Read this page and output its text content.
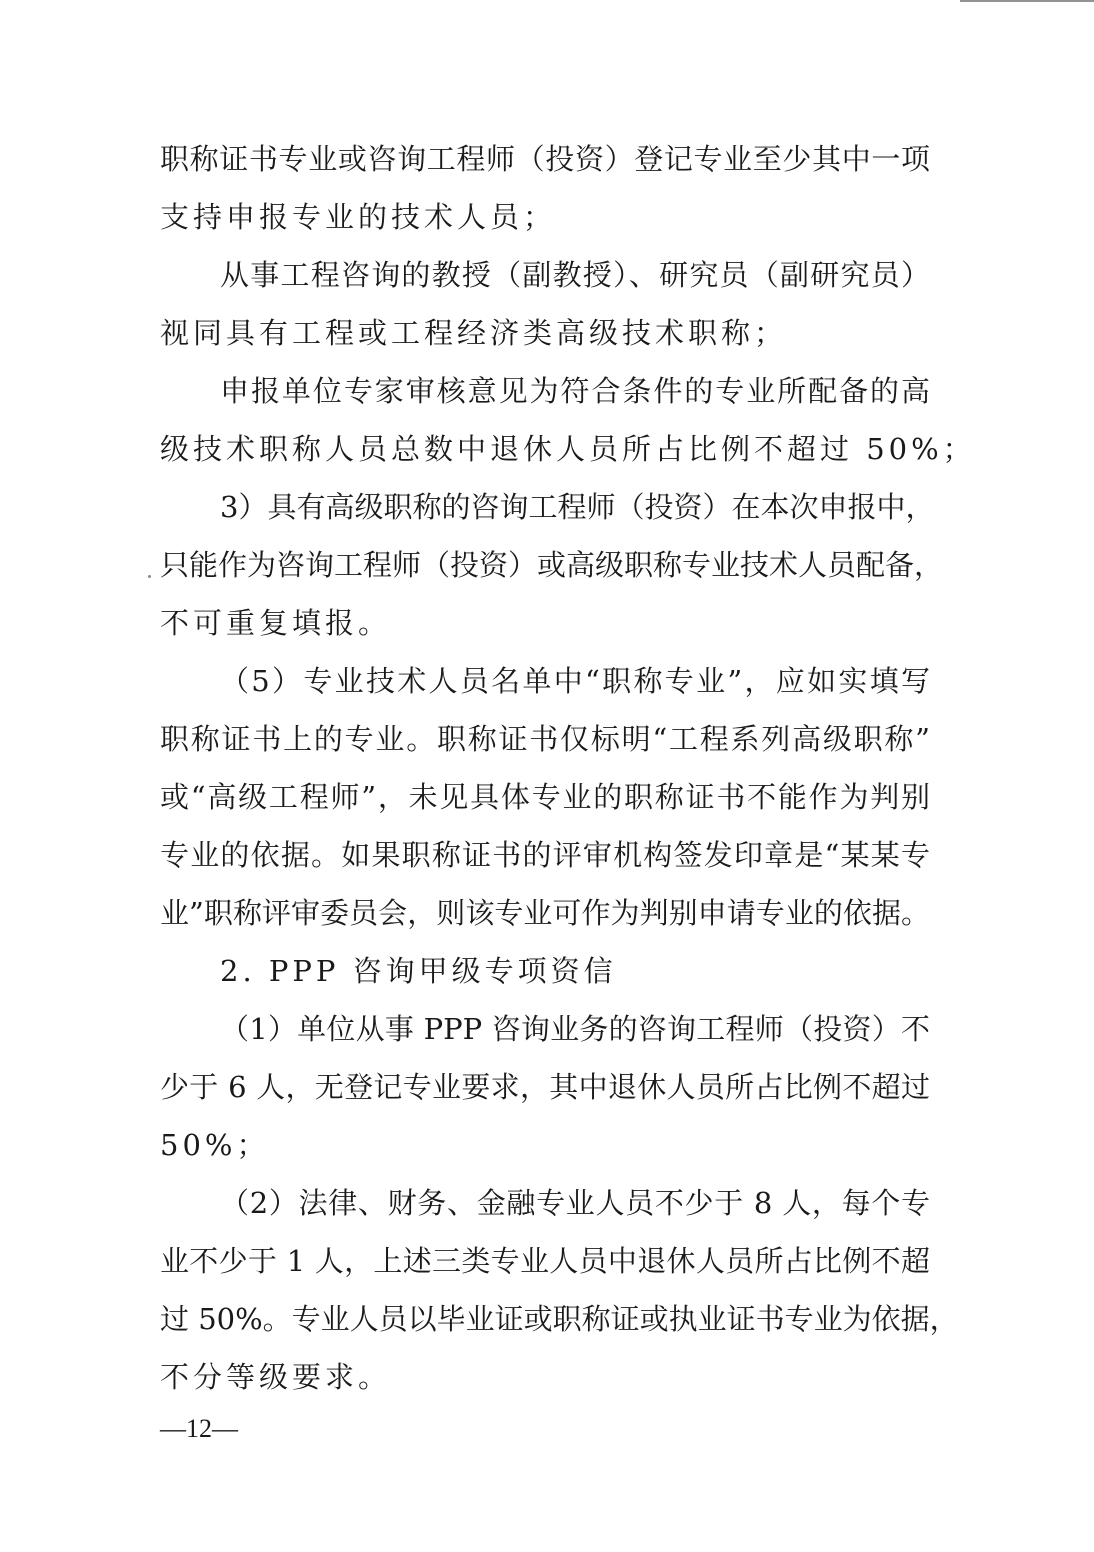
职称证书专业或咨询工程师（投资）登记专业至少其中一项

支持申报专业的技术人员；

从事工程咨询的教授（副教授）、研究员（副研究员）

视同具有工程或工程经济类高级技术职称；

申报单位专家审核意见为符合条件的专业所配备的高

级技术职称人员总数中退休人员所占比例不超过 50%；

3）具有高级职称的咨询工程师（投资）在本次申报中，

只能作为咨询工程师（投资）或高级职称专业技术人员配备，

不可重复填报。

（5）专业技术人员名单中“职称专业”，应如实填写

职称证书上的专业。职称证书仅标明“工程系列高级职称”

或“高级工程师”，未见具体专业的职称证书不能作为判别

专业的依据。如果职称证书的评审机构签发印章是“某某专

业”职称评审委员会，则该专业可作为判别申请专业的依据。

2. PPP 咨询甲级专项资信

（1）单位从事 PPP 咨询业务的咨询工程师（投资）不

少于 6 人，无登记专业要求，其中退休人员所占比例不超过

50%；

（2）法律、财务、金融专业人员不少于 8 人，每个专

业不少于 1 人，上述三类专业人员中退休人员所占比例不超

过 50%。专业人员以毕业证或职称证或执业证书专业为依据，

不分等级要求。

—12—
